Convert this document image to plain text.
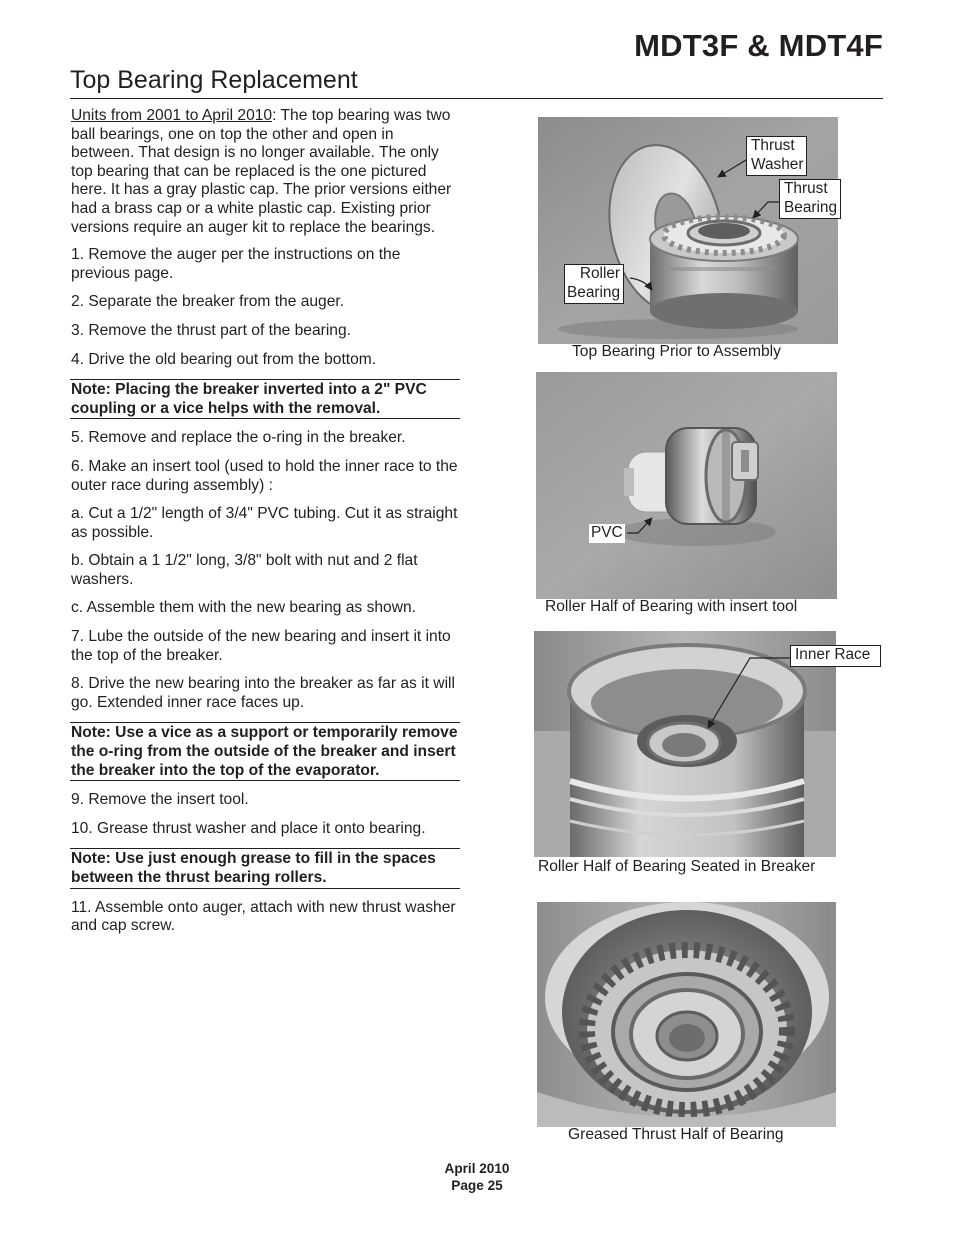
MDT3F & MDT4F
Top Bearing Replacement

Units from 2001 to April 2010: The top bearing was two ball bearings, one on top the other and open in between. That design is no longer available. The only top bearing that can be replaced is the one pictured here. It has a gray plastic cap. The prior versions either had a brass cap or a white plastic cap. Existing prior versions require an auger kit to replace the bearings.

1. Remove the auger per the instructions on the previous page.

2. Separate the breaker from the auger.

3. Remove the thrust part of the bearing.

4. Drive the old bearing out from the bottom.

Note: Placing the breaker inverted into a 2" PVC coupling or a vice helps with the removal.

5. Remove and replace the o-ring in the breaker.

6. Make an insert tool (used to hold the inner race to the outer race during assembly) :

a. Cut a 1/2" length of 3/4" PVC tubing. Cut it as straight as possible.

b. Obtain a 1 1/2" long, 3/8" bolt with nut and 2 flat washers.

c. Assemble them with the new bearing as shown.

7. Lube the outside of the new bearing and insert it into the top of the breaker.

8. Drive the new bearing into the breaker as far as it will go. Extended inner race faces up.

Note: Use a vice as a support or temporarily remove the o-ring from the outside of the breaker and insert the breaker into the top of the evaporator.

9. Remove the insert tool.

10. Grease thrust washer and place it onto bearing.

Note: Use just enough grease to fill in the spaces between the thrust bearing rollers.

11. Assemble onto auger, attach with new thrust washer and cap screw.

Thrust
Washer
Thrust
Bearing
Roller
Bearing
Top Bearing Prior to Assembly
PVC
Roller Half of Bearing with insert tool
Inner Race
Roller Half of Bearing Seated in Breaker
Greased Thrust Half of Bearing
April 2010
Page 25
